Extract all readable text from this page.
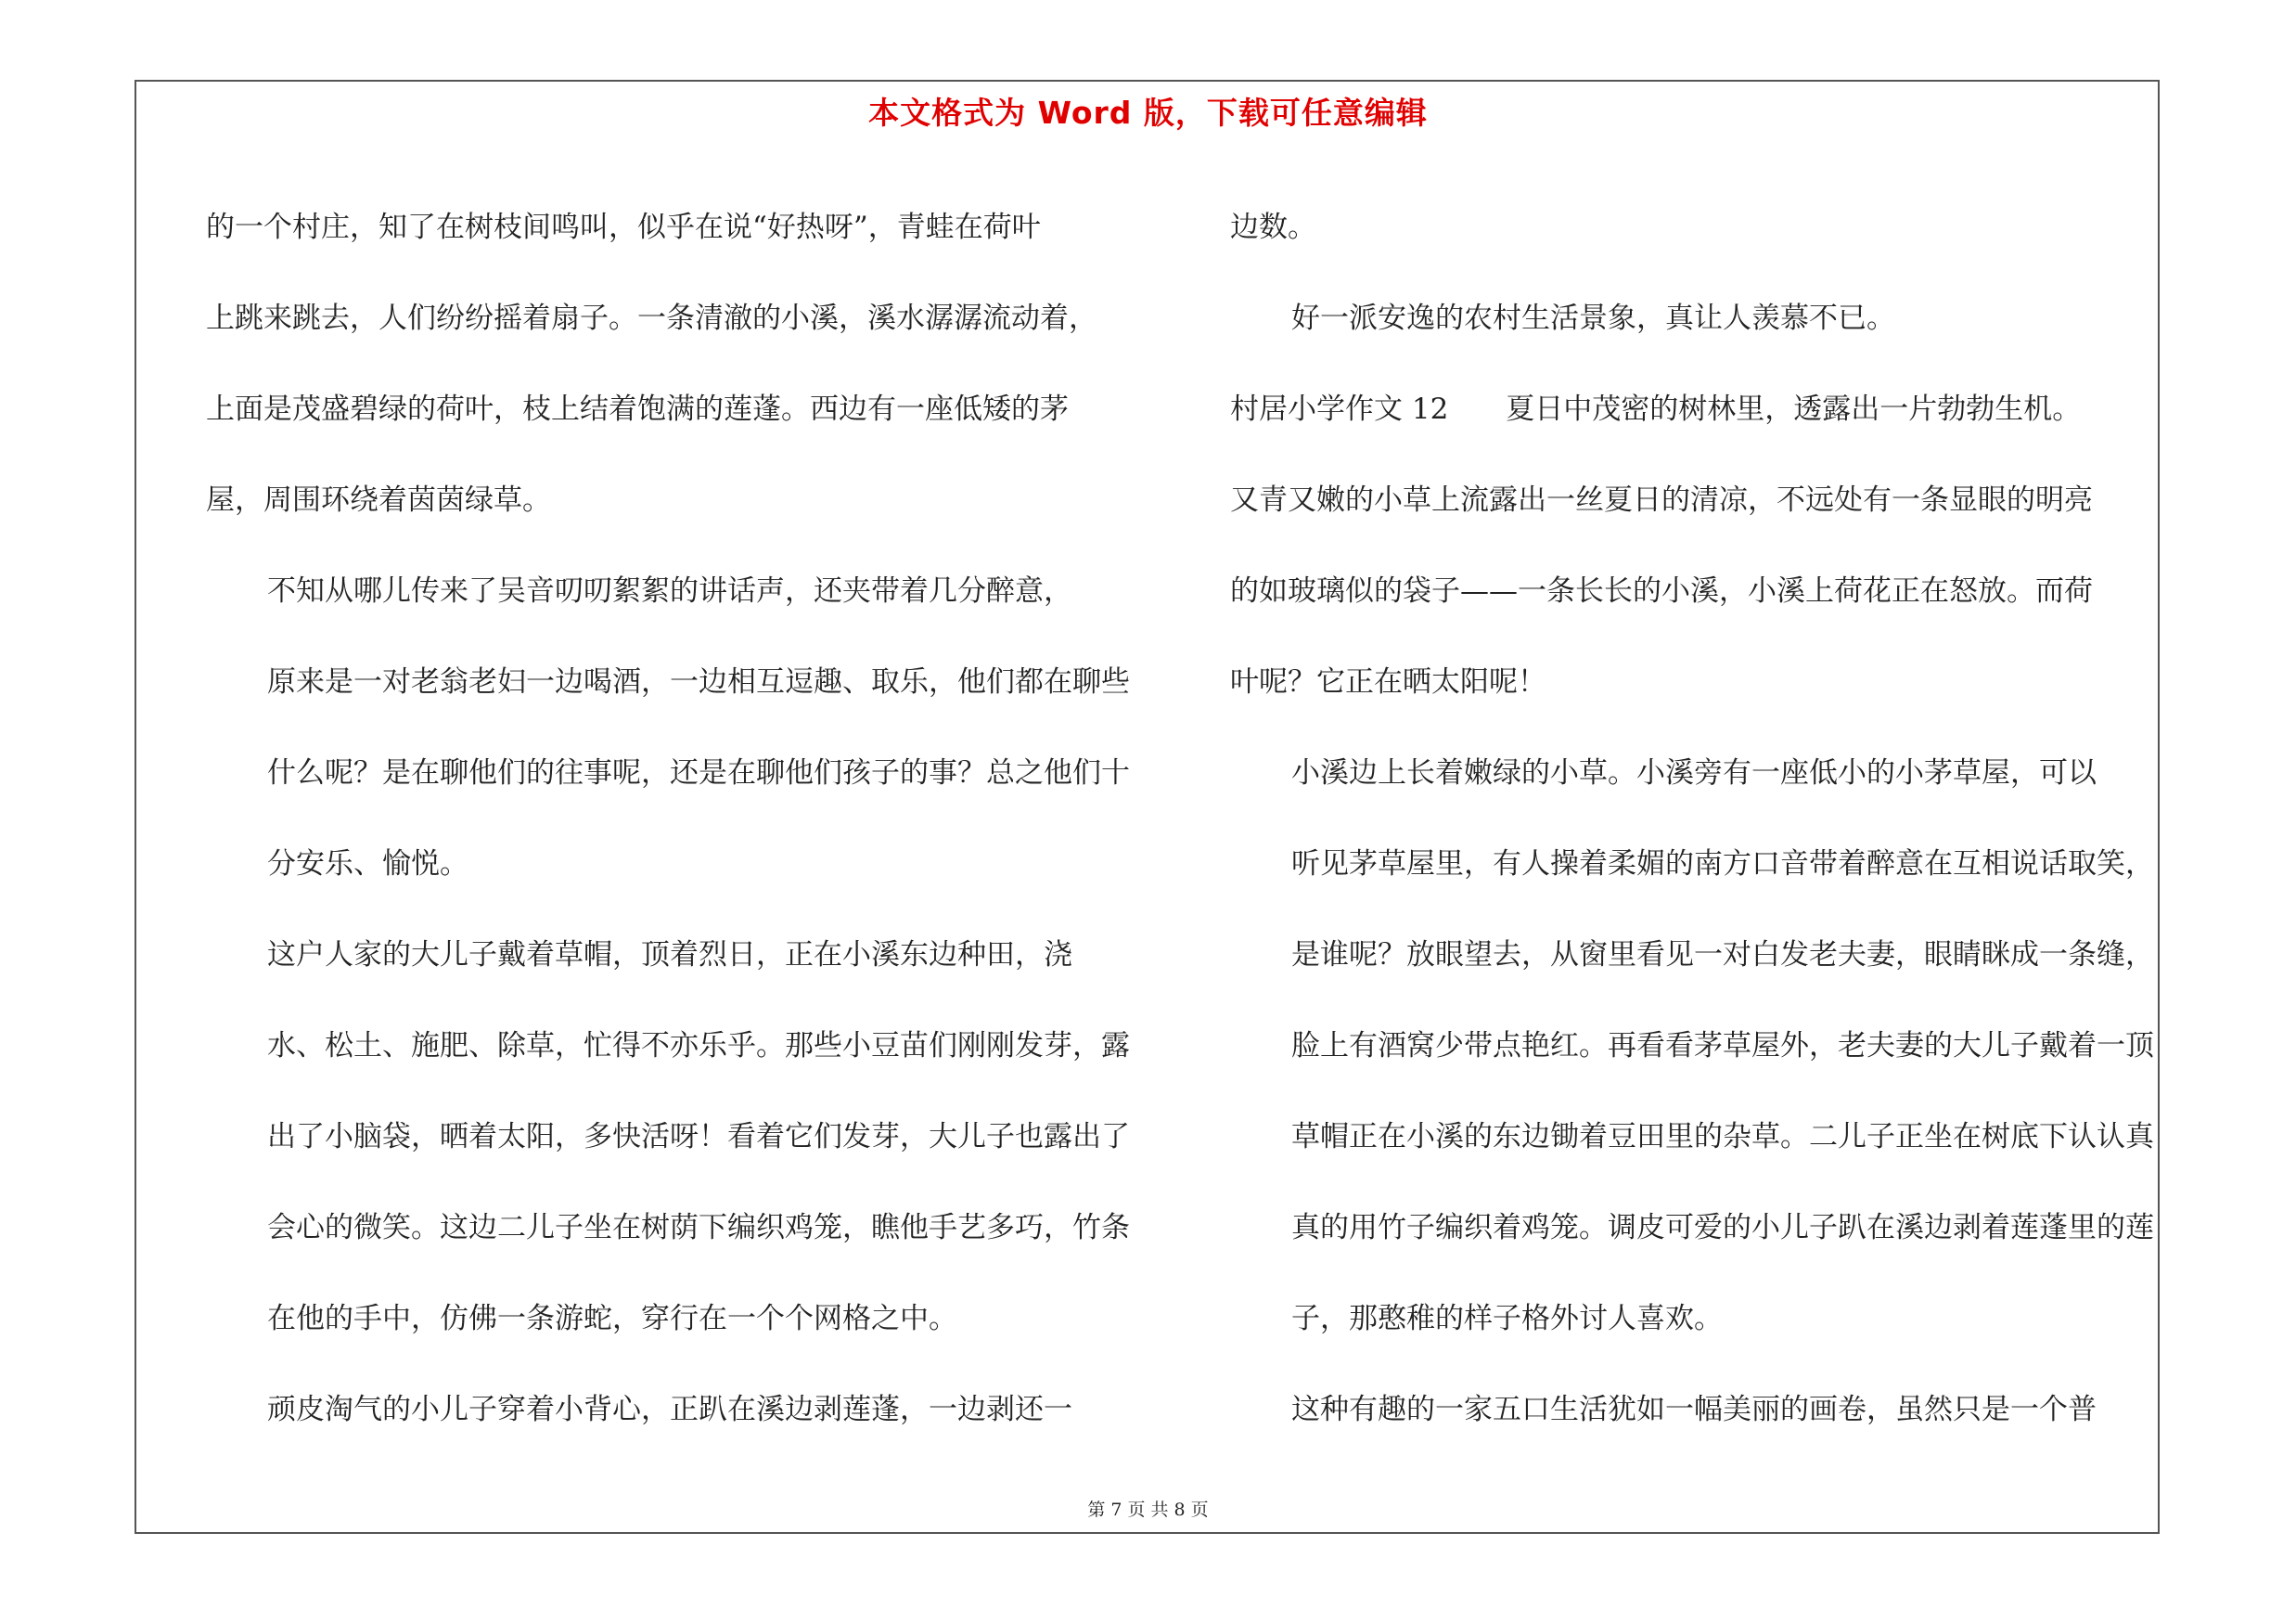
本文格式为 Word 版，下载可任意编辑

的一个村庄，知了在树枝间鸣叫，似乎在说“好热呀”，青蛙在荷叶
上跳来跳去，人们纷纷摇着扇子。一条清澈的小溪，溪水潺潺流动着，
上面是茂盛碧绿的荷叶，枝上结着饱满的莲蓬。西边有一座低矮的茅
屋，周围环绕着茵茵绿草。

不知从哪儿传来了吴音叨叨絮絮的讲话声，还夹带着几分醉意，
原来是一对老翁老妇一边喝酒，一边相互逗趣、取乐，他们都在聊些
什么呢？是在聊他们的往事呢，还是在聊他们孩子的事？总之他们十
分安乐、愉悦。

这户人家的大儿子戴着草帽，顶着烈日，正在小溪东边种田，浇
水、松土、施肥、除草，忙得不亦乐乎。那些小豆苗们刚刚发芽，露
出了小脑袋，晒着太阳，多快活呀！看着它们发芽，大儿子也露出了
会心的微笑。这边二儿子坐在树荫下编织鸡笼，瞧他手艺多巧，竹条
在他的手中，仿佛一条游蛇，穿行在一个个网格之中。

顽皮淘气的小儿子穿着小背心，正趴在溪边剥莲蓬，一边剥还一

边数。

好一派安逸的农村生活景象，真让人羡慕不已。

村居小学作文 12　　夏日中茂密的树林里，透露出一片勃勃生机。
又青又嫩的小草上流露出一丝夏日的清凉，不远处有一条显眼的明亮
的如玻璃似的袋子——一条长长的小溪，小溪上荷花正在怒放。而荷
叶呢？它正在晒太阳呢！

小溪边上长着嫩绿的小草。小溪旁有一座低小的小茅草屋，可以
听见茅草屋里，有人操着柔媚的南方口音带着醉意在互相说话取笑，
是谁呢？放眼望去，从窗里看见一对白发老夫妻，眼睛眯成一条缝，
脸上有酒窝少带点艳红。再看看茅草屋外，老夫妻的大儿子戴着一顶
草帽正在小溪的东边锄着豆田里的杂草。二儿子正坐在树底下认认真
真的用竹子编织着鸡笼。调皮可爱的小儿子趴在溪边剥着莲蓬里的莲
子，那憨稚的样子格外讨人喜欢。

这种有趣的一家五口生活犹如一幅美丽的画卷，虽然只是一个普

第 7 页 共 8 页
